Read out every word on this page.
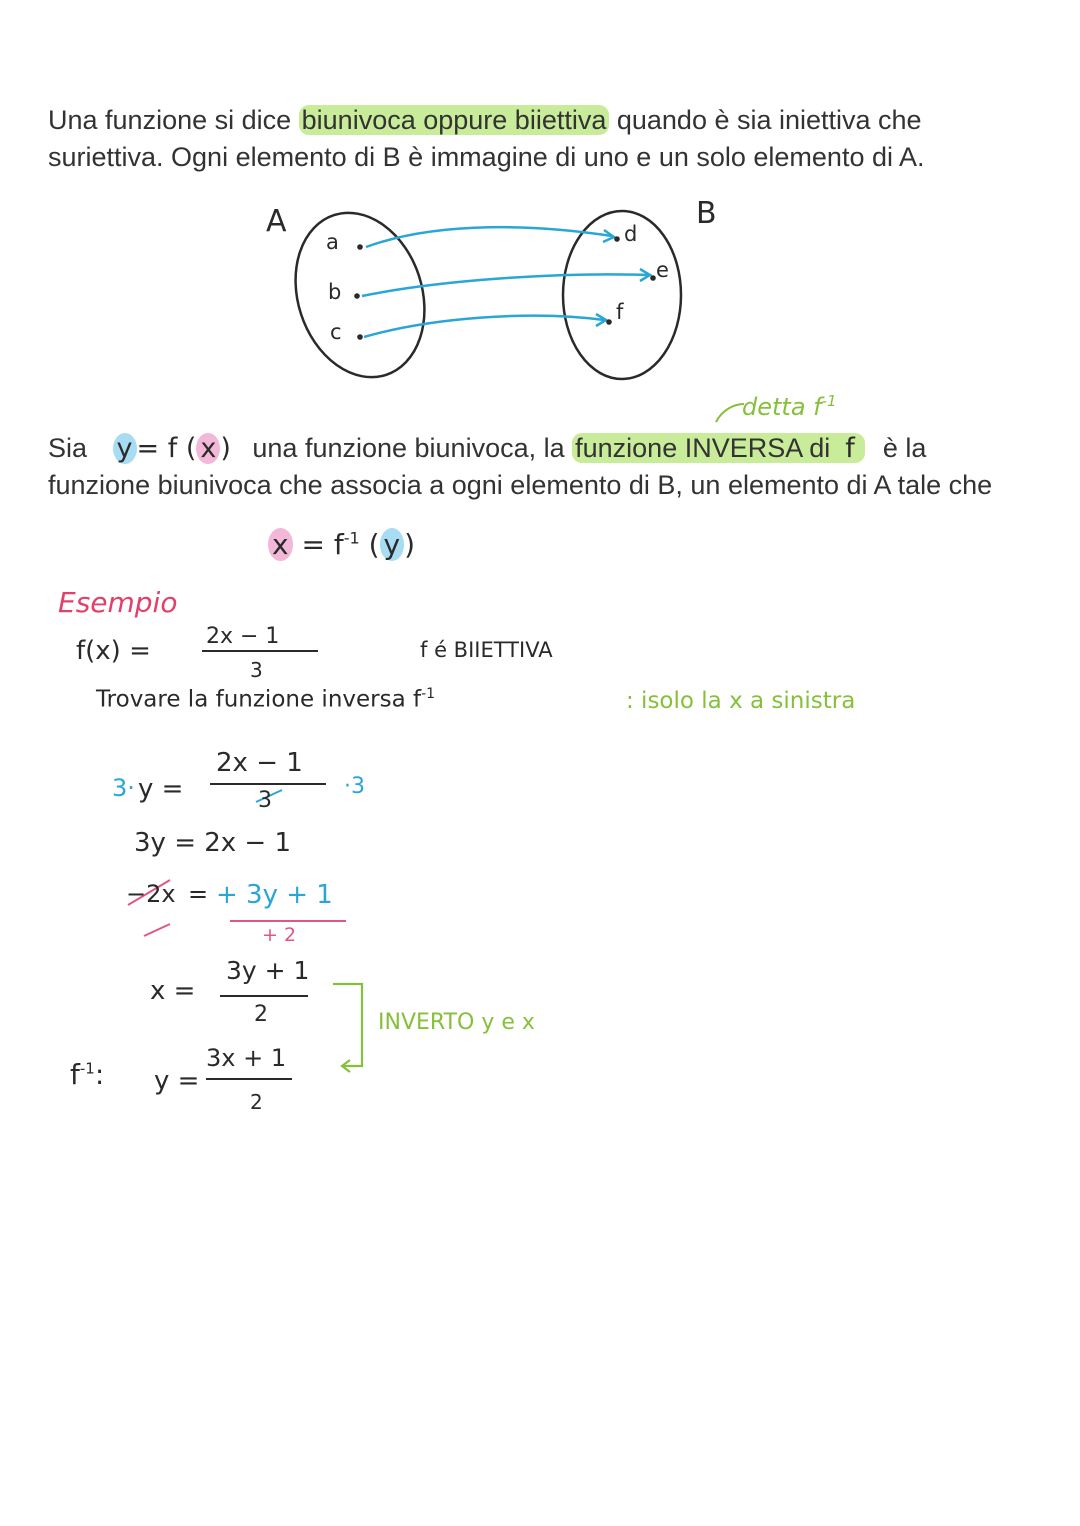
Una funzione si dice biunivoca oppure biiettiva quando è sia iniettiva che
suriettiva. Ogni elemento di B è immagine di uno e un solo elemento di A.
A	B
a
b
c
d
e
f
detta $f^{-1}$
Sia y = f ( x ) una funzione biunivoca, la funzione INVERSA di f  è la
funzione biunivoca che associa a ogni elemento di B, un elemento di A tale che
$x = f^{-1}$ ( y )
Esempio
f(x) =	2x − 1
3
f é BIIETTIVA
Trovare la funzione inversa $f^{-1}$	: isolo la x a sinistra
3· y =
2x − 1
3
·3
3y = 2x − 1
−2x = + 3y + 1
+ 2
x =
3y + 1
2	INVERTO y e x
$f^{-1}$: y =
3x + 1
2
